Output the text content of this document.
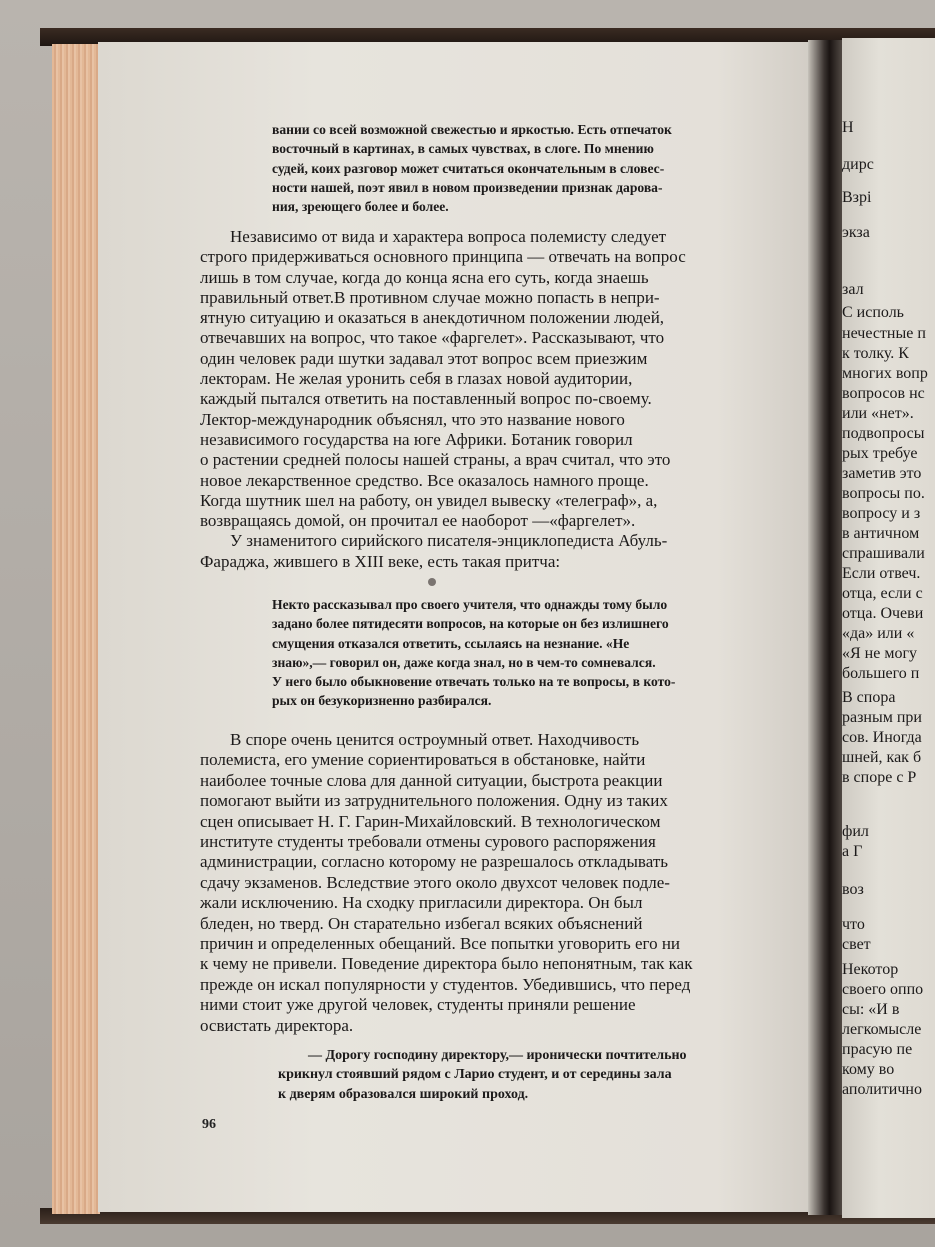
вании со всей возможной свежестью и яркостью. Есть отпечаток
восточный в картинах, в самых чувствах, в слоге. По мнению
судей, коих разговор может считаться окончательным в словес-
ности нашей, поэт явил в новом произведении признак дарова-
ния, зреющего более и более.
Независимо от вида и характера вопроса полемисту следует
строго придерживаться основного принципа — отвечать на вопрос
лишь в том случае, когда до конца ясна его суть, когда знаешь
правильный ответ.В противном случае можно попасть в непри-
ятную ситуацию и оказаться в анекдотичном положении людей,
отвечавших на вопрос, что такое «фаргелет». Рассказывают, что
один человек ради шутки задавал этот вопрос всем приезжим
лекторам. Не желая уронить себя в глазах новой аудитории,
каждый пытался ответить на поставленный вопрос по-своему.
Лектор-международник объяснял, что это название нового
независимого государства на юге Африки. Ботаник говорил
о растении средней полосы нашей страны, а врач считал, что это
новое лекарственное средство. Все оказалось намного проще.
Когда шутник шел на работу, он увидел вывеску «телеграф», а,
возвращаясь домой, он прочитал ее наоборот —«фаргелет».
У знаменитого сирийского писателя-энциклопедиста Абуль-
Фараджа, жившего в XIII веке, есть такая притча:
Некто рассказывал про своего учителя, что однажды тому было
задано более пятидесяти вопросов, на которые он без излишнего
смущения отказался ответить, ссылаясь на незнание. «Не
знаю»,— говорил он, даже когда знал, но в чем-то сомневался.
У него было обыкновение отвечать только на те вопросы, в кото-
рых он безукоризненно разбирался.
В споре очень ценится остроумный ответ. Находчивость
полемиста, его умение сориентироваться в обстановке, найти
наиболее точные слова для данной ситуации, быстрота реакции
помогают выйти из затруднительного положения. Одну из таких
сцен описывает Н. Г. Гарин-Михайловский. В технологическом
институте студенты требовали отмены сурового распоряжения
администрации, согласно которому не разрешалось откладывать
сдачу экзаменов. Вследствие этого около двухсот человек подле-
жали исключению. На сходку пригласили директора. Он был
бледен, но тверд. Он старательно избегал всяких объяснений
причин и определенных обещаний. Все попытки уговорить его ни
к чему не привели. Поведение директора было непонятным, так как
прежде он искал популярности у студентов. Убедившись, что перед
ними стоит уже другой человек, студенты приняли решение
освистать директора.
— Дорогу господину директору,— иронически почтительно
крикнул стоявший рядом с Ларио студент, и от середины зала
к дверям образовался широкий проход.
96
Н
дирс
Взрі
экза
зал
С исполь
нечестные п
к толку. К
многих вопр
вопросов нс
или «нет».
подвопросы
рых требуе
заметив это
вопросы по.
вопросу и з
в античном
спрашивали
Если отвеч.
отца, если с
отца. Очеви
«да» или «
«Я не могу
большего п
В спора
разным при
сов. Иногда
шней, как б
в споре с Р
фил
а Г
воз
что
свет
Некотор
своего оппо
сы: «И в
легкомысле
прасую пе
кому во
аполитично
